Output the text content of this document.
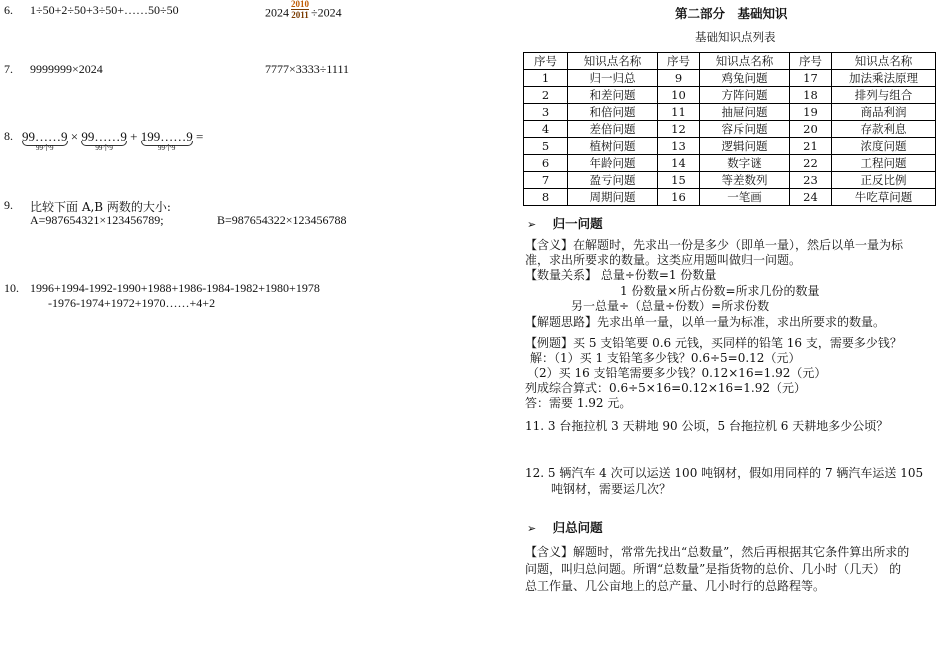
6. 1÷50+2÷50+3÷50+……50÷50	$2024 \frac{2010}{2011} \div 2024$
7. 9999999×2024	7777×3333÷1111
8. 99……9
99个9
× 99……9
99个9
+ 199……9
99个9
=
9. 比较下面 A,B 两数的大小:
A=987654321×123456789;	B=987654322×123456788
10. 1996+1994-1992-1990+1988+1986-1984-1982+1980+1978
-1976-1974+1972+1970……+4+2
第二部分　基础知识
基础知识点列表
序号	知识点名称	序号	知识点名称	序号	知识点名称
1	归一归总	9	鸡兔问题	17	加法乘法原理
2	和差问题	10	方阵问题	18	排列与组合
3	和倍问题	11	抽屉问题	19	商品利润
4	差倍问题	12	容斥问题	20	存款利息
5	植树问题	13	逻辑问题	21	浓度问题
6	年龄问题	14	数字谜	22	工程问题
7	盈亏问题	15	等差数列	23	正反比例
8	周期问题	16	一笔画	24	牛吃草问题
➢ 归一问题
【含义】在解题时，先求出一份是多少（即单一量），然后以单一量为标
准，求出所要求的数量。这类应用题叫做归一问题。
【数量关系】 总量÷份数=1 份数量
1 份数量×所占份数=所求几份的数量
另一总量÷（总量÷份数）=所求份数
【解题思路】先求出单一量，以单一量为标准，求出所要求的数量。
【例题】买 5 支铅笔要 0.6 元钱，买同样的铅笔 16 支，需要多少钱？
解：（1）买 1 支铅笔多少钱？0.6÷5=0.12（元）
（2）买 16 支铅笔需要多少钱？0.12×16=1.92（元）
列成综合算式：0.6÷5×16=0.12×16=1.92（元）
答：需要 1.92 元。
11. 3 台拖拉机 3 天耕地 90 公顷，5 台拖拉机 6 天耕地多少公顷？
12. 5 辆汽车 4 次可以运送 100 吨钢材，假如用同样的 7 辆汽车运送 105
吨钢材，需要运几次？
➢ 归总问题
【含义】解题时，常常先找出“总数量”，然后再根据其它条件算出所求的
问题，叫归总问题。所谓“总数量”是指货物的总价、几小时（几天） 的
总工作量、几公亩地上的总产量、几小时行的总路程等。
